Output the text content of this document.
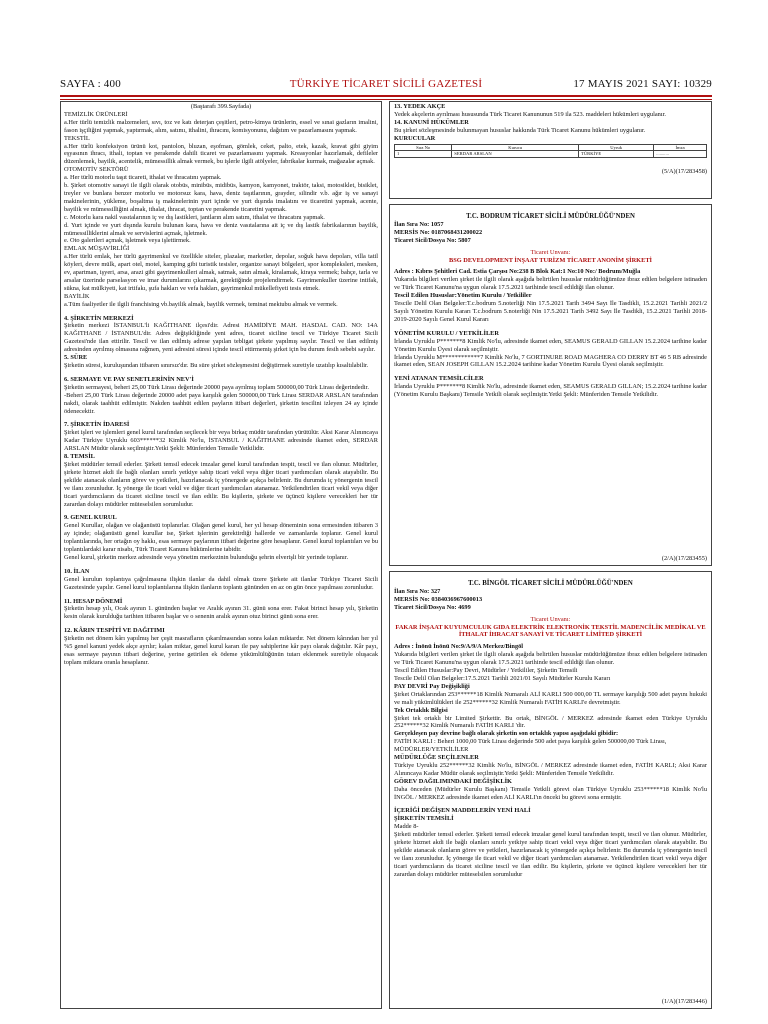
SAYFA : 400	TÜRKİYE TİCARET SİCİLİ GAZETESİ	17 MAYIS 2021 SAYI: 10329
(Baştarafı 399.Sayfada)
TEMİZLİK ÜRÜNLERİ
a.Her türlü temizlik malzemeleri, sıvı, toz ve katı deterjan çeşitleri, petro-kimya ürünlerin, essel ve sınai gazların imalini, fason işçiliğini yapmak, yaptırmak, alım, satımı, ithalini, ihracını, komisyonunu, dağıtım ve pazarlamasını yapmak.
TEKSTİL
a.Her türlü konfeksiyon ürünü kot, pantolon, bluzan, eşofman, gömlek, ceket, palto, etek, kazak, kravat gibi giyim eşyasının ihracı, ithali, toptan ve perakende dahili ticaret ve pazarlamasını yapmak. Kreasyonlar hazırlamak, defileler düzenlemek, bayilik, acentelik, mümessillik almak vermek, bu işlerle ilgili atölyeler, fabrikalar kurmak, mağazalar açmak.
OTOMOTİV SEKTÖRÜ
a. Her türlü motorlu taşıt ticareti, ithalat ve ihracatını yapmak.
b. Şirket otomotiv sanayi ile ilgili olarak otobüs, minibüs, midibüs, kamyon, kamyonet, traktör, taksi, motosiklet, bisiklet, treyler ve bunlara benzer motorlu ve motorsuz kara, hava, deniz taşıtlarının, grayder, silindir v.b. ağır iş ve sanayi makinelerinin, yükleme, boşaltma iş makinelerinin yurt içinde ve yurt dışında imalatını ve ticaretini yapmak, acente, bayilik ve mümessilliğini almak, ithalat, ihracat, toptan ve perakende ticaretini yapmak.
c. Motorlu kara nakil vasıtalarının iç ve dış lastikleri, jantların alım satım, ithalat ve ihracatını yapmak.
d. Yurt içinde ve yurt dışında kurulu bulunan kara, hava ve deniz vasıtalarına ait iç ve dış lastik fabrikalarının bayilik, mümessilliklerini almak ve servislerini açmak, işletmek.
e. Oto galerileri açmak, işletmek veya işlettirmek.
EMLAK MÜŞAVİRLİĞİ
a.Her türlü emlak, her türlü gayrimenkul ve özellikle siteler, plazalar, marketler, depolar, soğuk hava depoları, villa tatil köyleri, devre mülk, apart otel, motel, kamping gibi turistik tesisler, organize sanayi bölgeleri, spor kompleksleri, mesken, ev, apartman, işyeri, arsa, arazi gibi gayrimenkulleri almak, satmak, satın almak, kiralamak, kiraya vermek; bahçe, tarla ve arsalar üzerinde parselasyon ve imar durumlarını çıkarmak, gerektiğinde projelendirmek. Gayrimenkuller üzerine intifak, sükna, kat mülkiyeti, kat irtifakı, şufa hakları ve vefa hakları, gayrimenkul mükellefiyeti tesis etmek.
BAYİLİK
a.Tüm faaliyetler ile ilgili franchising vb.bayilik almak, bayilik vermek, teminat mektubu almak ve vermek.
4. ŞİRKETİN MERKEZİ
Şirketin merkezi İSTANBUL'li KAĞITHANE ilçesi'dir. Adresi HAMİDİYE MAH. HASDAL CAD. NO: 14A KAĞITHANE / İSTANBUL'dir. Adres değişikliğinde yeni adres, ticaret siciline tescil ve Türkiye Ticaret Sicili Gazetesi'nde ilan ettirilir. Tescil ve ilan edilmiş adrese yapılan tebligat şirkete yapılmış sayılır. Tescil ve ilan edilmiş adresinden ayrılmış olmasına rağmen, yeni adresini süresi içinde tescil ettirmemiş şirket için bu durum fesih sebebi sayılır.
5. SÜRE
Şirketin süresi, kuruluşundan itibaren sınırsız'dır. Bu süre şirket sözleşmesini değiştirmek suretiyle uzatılıp kısaltılabilir.
6. SERMAYE VE PAY SENETLERİNİN NEV'İ
Şirketin sermayesi, beheri 25,00 Türk Lirası değerinde 20000 paya ayrılmış toplam 500000,00 Türk Lirası değerindedir.
-Beheri 25,00 Türk Lirası değerinde 20000 adet paya karşılık gelen 500000,00 Türk Lirası SERDAR ARSLAN tarafından nakdi, olarak taahhüt edilmiştir. Nakden taahhüt edilen payların itibari değerleri, şirketin tescilini izleyen 24 ay içinde ödenecektir.
7. ŞİRKETİN İDARESİ
Şirket işleri ve işlemleri genel kurul tarafından seçilecek bir veya birkaç müdür tarafından yürütülür. Aksi Karar Alınıncaya Kadar Türkiye Uyruklu 603******32 Kimlik No'lu, İSTANBUL / KAĞITHANE adresinde ikamet eden, SERDAR ARSLAN Müdür olarak seçilmiştir.Yetki Şekli: Münferiden Temsile Yetkilidir.
8. TEMSİL
Şirket müdürler temsil ederler. Şirketi temsil edecek imzalar genel kurul tarafından tespit, tescil ve ilan olunur. Müdürler, şirkete hizmet akdi ile bağlı olanları sınırlı yetkiye sahip ticari vekil veya diğer ticari yardımcıları olarak atayabilir. Bu şekilde atanacak olanların görev ve yetkileri, hazırlanacak iç yönergede açıkça belirlenir. Bu durumda iç yönergenin tescil ve ilanı zorunludur. İç yönerge ile ticari vekil ve diğer ticari yardımcıları atanamaz. Yetkilendirilen ticari vekil veya diğer ticari yardımcıların da ticaret siciline tescil ve ilan edilir. Bu kişilerin, şirkete ve üçüncü kişilere verecekleri her tür zarardan dolayı müdürler müteselsilen sorumludur.
9. GENEL KURUL
Genel Kurullar, olağan ve olağanüstü toplanırlar. Olağan genel kurul, her yıl hesap döneminin sona ermesinden itibaren 3 ay içinde; olağanüstü genel kurullar ise, Şirket işlerinin gerektirdiği hallerde ve zamanlarda toplanır. Genel kurul toplantılarında, her ortağın oy hakkı, esas sermaye paylarının itibari değerine göre hesaplanır. Genel kurul toplantıları ve bu toplantılardaki karar nisabı, Türk Ticaret Kanunu hükümlerine tabidir.
Genel kurul, şirketin merkez adresinde veya yönetim merkezinin bulunduğu şehrin elverişli bir yerinde toplanır.
10. İLAN
Genel kurulun toplantıya çağrılmasına ilişkin ilanlar da dahil olmak üzere Şirkete ait ilanlar Türkiye Ticaret Sicili Gazetesinde yapılır. Genel kurul toplantılarına ilişkin ilanların toplantı gününden en az on gün önce yapılması zorunludur.
11. HESAP DÖNEMİ
Şirketin hesap yılı, Ocak ayının 1. gününden başlar ve Aralık ayının 31. günü sona erer. Fakat birinci hesap yılı, Şirketin kesin olarak kurulduğu tarihten itibaren başlar ve o senenin aralık ayının otuz birinci günü sona erer.
12. KÂRIN TESPİTİ VE DAĞITIMI
Şirketin net dönem kârı yapılmış her çeşit masrafların çıkarılmasından sonra kalan miktardır. Net dönem kârından her yıl %5 genel kanuni yedek akçe ayrılır; kalan miktar, genel kurul kararı ile pay sahiplerine kâr payı olarak dağıtılır. Kâr payı, esas sermaye payının itibari değerine, yerine getirilen ek ödeme yükümlülüğünün tutarı eklenmek suretiyle oluşacak toplam miktara oranla hesaplanır.
13. YEDEK AKÇE
Yedek akçelerin ayrılması hususunda Türk Ticaret Kanununun 519 ila 523. maddeleri hükümleri uygulanır.
14. KANUNİ HÜKÜMLER
Bu şirket sözleşmesinde bulunmayan hususlar hakkında Türk Ticaret Kanunu hükümleri uygulanır.
KURUCULAR
Sıra No	Kurucu	Uyruk	İmza
1	SERDAR ARSLAN	TÜRKİYE	...........
(5/A)(17/283458)
T.C. BODRUM TİCARET SİCİLİ MÜDÜRLÜĞÜ'NDEN
İlan Sıra No: 1057
MERSİS No: 0187068431200022
Ticaret Sicil/Dosya No: 5807
Ticaret Unvanı:
BSG DEVELOPMENT İNŞAAT TURİZM TİCARET ANONİM ŞİRKETİ
Adres : Kıbrıs Şehitleri Cad. Estia Çarşısı No:238 B Blok Kat:1 No:10 No:/ Bodrum/Muğla
Yukarıda bilgileri verilen şirket ile ilgili olarak aşağıda belirtilen hususlar müdürlüğümüze ibraz edilen belgelere istinaden ve Türk Ticaret Kanunu'na uygun olarak 17.5.2021 tarihinde tescil edildiği ilan olunur.
Tescil Edilen Hususlar:Yönetim Kurulu / Yetkililer
Tescile Delil Olan Belgeler:T.c.bodrum 5.noterliği Nin 17.5.2021 Tarih 3494 Sayı İle Tasdikli, 15.2.2021 Tarihli 2021/2 Sayılı Yönetim Kurulu Kararı T.c.bodrum 5.noterliği Nin 17.5.2021 Tarih 3492 Sayı İle Tasdikli, 15.2.2021 Tarihli 2018-2019-2020 Sayılı Genel Kurul Kararı
YÖNETİM KURULU / YETKİLİLER
İrlanda Uyruklu P*******8 Kimlik No'lu, adresinde ikamet eden, SEAMUS GERALD GILLAN 15.2.2024 tarihine kadar Yönetim Kurulu Üyesi olarak seçilmiştir.
İrlanda Uyruklu M************7 Kimlik No'lu, 7 GORTINURE ROAD MAGHERA CO DERRY BT 46 5 RB adresinde ikamet eden, SEAN JOSEPH GILLAN 15.2.2024 tarihine kadar Yönetim Kurulu Üyesi olarak seçilmiştir.
YENİ ATANAN TEMSİLCİLER
İrlanda Uyruklu P*******8 Kimlik No'lu, adresinde ikamet eden, SEAMUS GERALD GILLAN; 15.2.2024 tarihine kadar (Yönetim Kurulu Başkanı) Temsile Yetkili olarak seçilmiştir.Yetki Şekli: Münferiden Temsile Yetkilidir.
(2/A)(17/283455)
T.C. BİNGÖL TİCARET SİCİLİ MÜDÜRLÜĞÜ'NDEN
İlan Sıra No: 327
MERSİS No: 0384036967600013
Ticaret Sicil/Dosya No: 4699
Ticaret Unvanı:
FAKAR İNŞAAT KUYUMCULUK GIDA ELEKTRİK ELEKTRONİK TEKSTİL MADENCİLİK MEDİKAL VE İTHALAT İHRACAT SANAYİ VE TİCARET LİMİTED ŞİRKETİ
Adres : İnönü İnönü No:9/A/9/A Merkez/Bingöl
Yukarıda bilgileri verilen şirket ile ilgili olarak aşağıda belirtilen hususlar müdürlüğümüze ibraz edilen belgelere istinaden ve Türk Ticaret Kanunu'na uygun olarak 17.5.2021 tarihinde tescil edildiği ilan olunur.
Tescil Edilen Hususlar:Pay Devri, Müdürler / Yetkililer, Şirketin Temsili
Tescile Delil Olan Belgeler:17.5.2021 Tarihli 2021/01 Sayılı Müdürler Kurulu Kararı
PAY DEVRİ Pay Değişikliği
Şirket Ortaklarından 253******18 Kimlik Numaralı ALİ KARLI 500 000,00 TL sermaye karşılığı 500 adet payını hukuki ve mali yükümlülükleri ile 252******32 Kimlik Numaralı FATİH KARLI'e devretmiştir.
Tek Ortaklık Bilgisi
Şirket tek ortaklı bir Limited Şirkettir. Bu ortak, BİNGÖL / MERKEZ adresinde ikamet eden Türkiye Uyruklu 252******32 Kimlik Numaralı FATİH KARLI 'dir.
Gerçekleşen pay devrine bağlı olarak şirketin son ortaklık yapısı aşağıdaki gibidir:
FATİH KARLI : Beheri 1000,00 Türk Lirası değerinde 500 adet paya karşılık gelen 500000,00 Türk Lirası,
MÜDÜRLER/YETKİLİLER
MÜDÜRLÜĞE SEÇİLENLER
Türkiye Uyruklu 252******32 Kimlik No'lu, BİNGÖL / MERKEZ adresinde ikamet eden, FATİH KARLI; Aksi Karar Alınıncaya Kadar Müdür olarak seçilmiştir.Yetki Şekli: Münferiden Temsile Yetkilidir.
GÖREV DAĞILIMINDAKİ DEĞİŞİKLİK
Daha önceden (Müdürler Kurulu Başkanı) Temsile Yetkili görevi olan Türkiye Uyruklu 253******18 Kimlik No'lu İNGÖL / MERKEZ adresinde ikamet eden ALİ KARLI'ın önceki bu görevi sona ermiştir.
İÇERİĞİ DEĞİŞEN MADDELERİN YENİ HALİ
ŞİRKETİN TEMSİLİ
Madde 8-
Şirketi müdürler temsil ederler. Şirketi temsil edecek imzalar genel kurul tarafından tespit, tescil ve ilan olunur. Müdürler, şirkete hizmet akdi ile bağlı olanları sınırlı yetkiye sahip ticari vekil veya diğer ticari yardımcıları olarak atayabilir. Bu şekilde atanacak olanların görev ve yetkileri, hazırlanacak iç yönergede açıkça belirlenir. Bu durumda iç yönergenin tescil ve ilanı zorunludur. İç yönerge ile ticari vekil ve diğer ticari yardımcıları atanamaz. Yetkilendirilen ticari vekil veya diğer ticari yardımcıların da ticaret siciline tescil ve ilan edilir. Bu kişilerin, şirkete ve üçüncü kişilere verecekleri her tür zarardan dolayı müdürler müteselsilen sorumludur
(1/A)(17/283446)
